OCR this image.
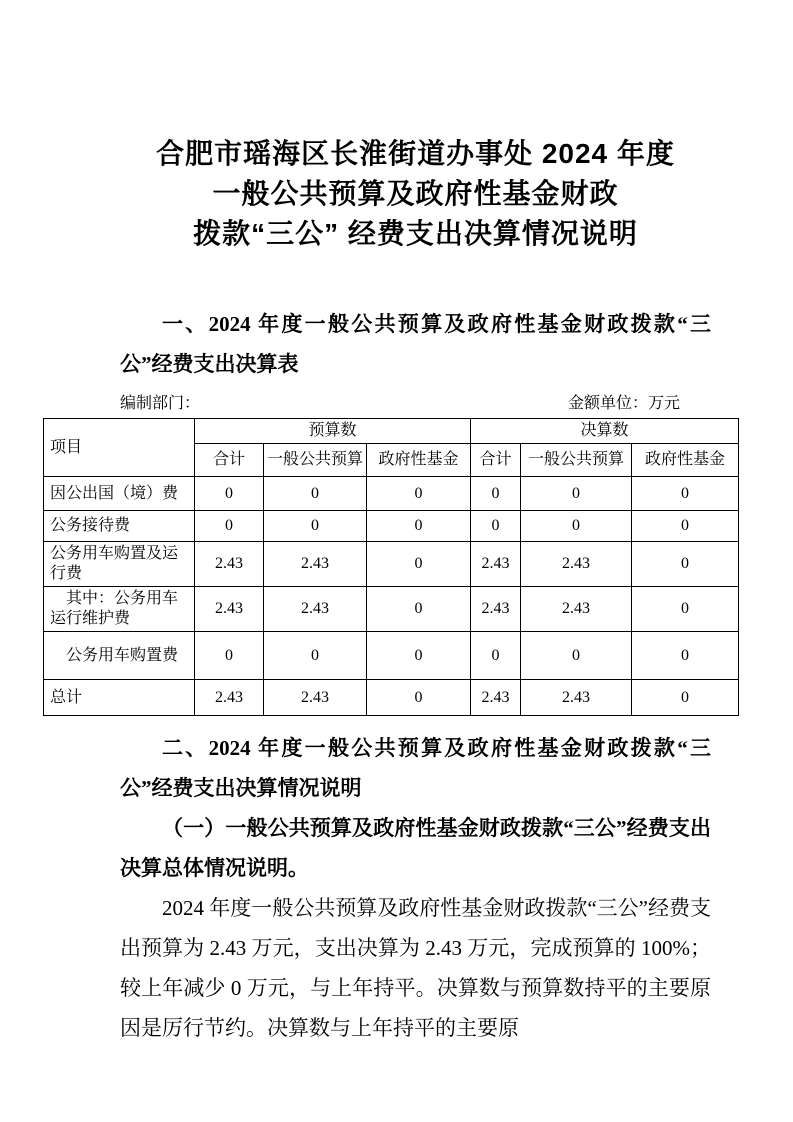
合肥市瑶海区长淮街道办事处 2024 年度
一般公共预算及政府性基金财政
拨款“三公” 经费支出决算情况说明

一、2024 年度一般公共预算及政府性基金财政拨款“三公”经费支出决算表

编制部门：	金额单位：万元
项目	预算数			决算数		
	合计	一般公共预算	政府性基金	合计	一般公共预算	政府性基金
因公出国（境）费	0	0	0	0	0	0
公务接待费	0	0	0	0	0	0
公务用车购置及运行费	2.43	2.43	0	2.43	2.43	0
其中：公务用车运行维护费	2.43	2.43	0	2.43	2.43	0
公务用车购置费	0	0	0	0	0	0
总计	2.43	2.43	0	2.43	2.43	0

二、2024 年度一般公共预算及政府性基金财政拨款“三公”经费支出决算情况说明

（一）一般公共预算及政府性基金财政拨款“三公”经费支出决算总体情况说明。

2024 年度一般公共预算及政府性基金财政拨款“三公”经费支出预算为 2.43 万元，支出决算为 2.43 万元，完成预算的 100%；较上年减少 0 万元，与上年持平。决算数与预算数持平的主要原因是厉行节约。决算数与上年持平的主要原
